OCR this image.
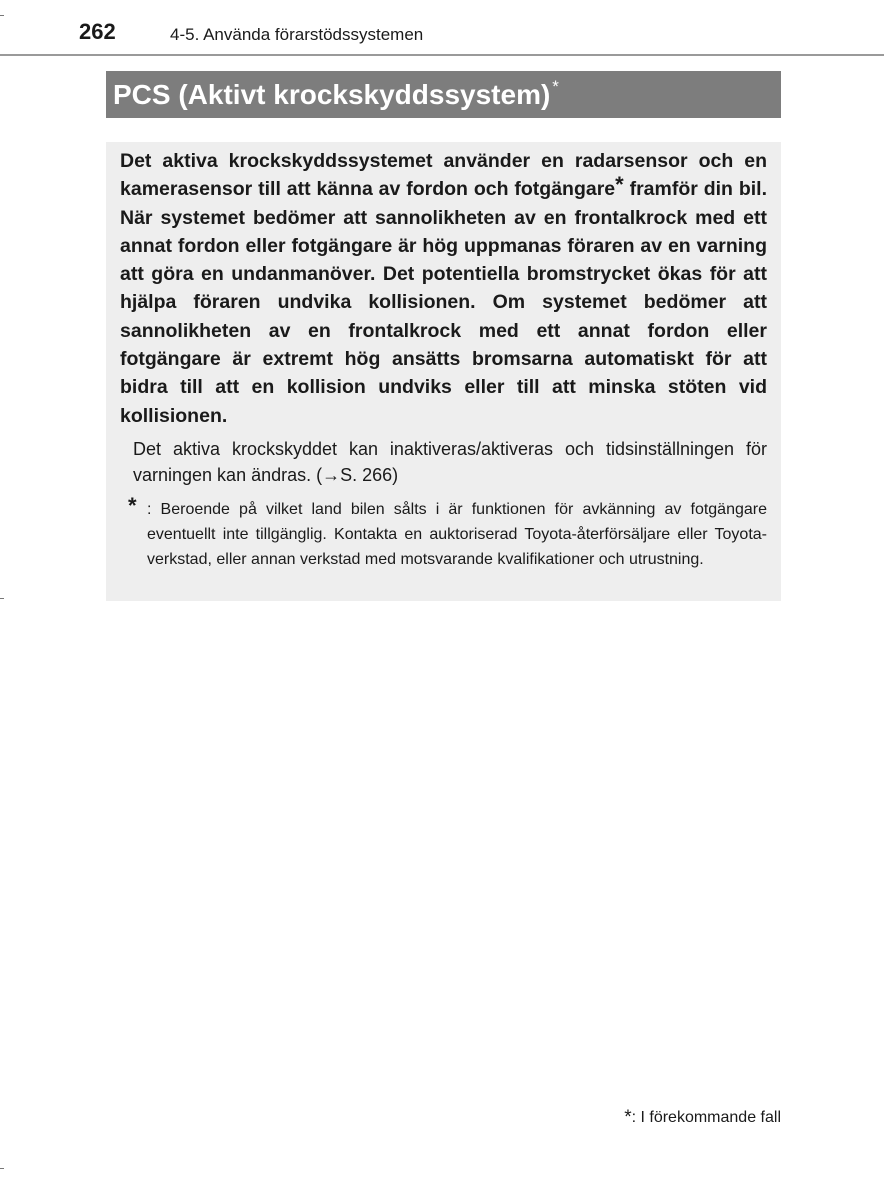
262	4-5. Använda förarstödssystemen
PCS (Aktivt krockskyddssystem) *

Det aktiva krockskyddssystemet använder en radarsensor och en kamerasensor till att känna av fordon och fotgängare* framför din bil. När systemet bedömer att sannolikheten av en frontalkrock med ett annat fordon eller fotgängare är hög uppmanas föraren av en varning att göra en undanmanöver. Det potentiella bromstrycket ökas för att hjälpa föraren undvika kollisionen. Om systemet bedömer att sannolikheten av en frontalkrock med ett annat fordon eller fotgängare är extremt hög ansätts bromsarna automatiskt för att bidra till att en kollision undviks eller till att minska stöten vid kollisionen.

Det aktiva krockskyddet kan inaktiveras/aktiveras och tidsinställningen för varningen kan ändras. (→S. 266)

* : Beroende på vilket land bilen sålts i är funktionen för avkänning av fotgängare eventuellt inte tillgänglig. Kontakta en auktoriserad Toyota-återförsäljare eller Toyota-verkstad, eller annan verkstad med motsvarande kvalifikationer och utrustning.

*: I förekommande fall
